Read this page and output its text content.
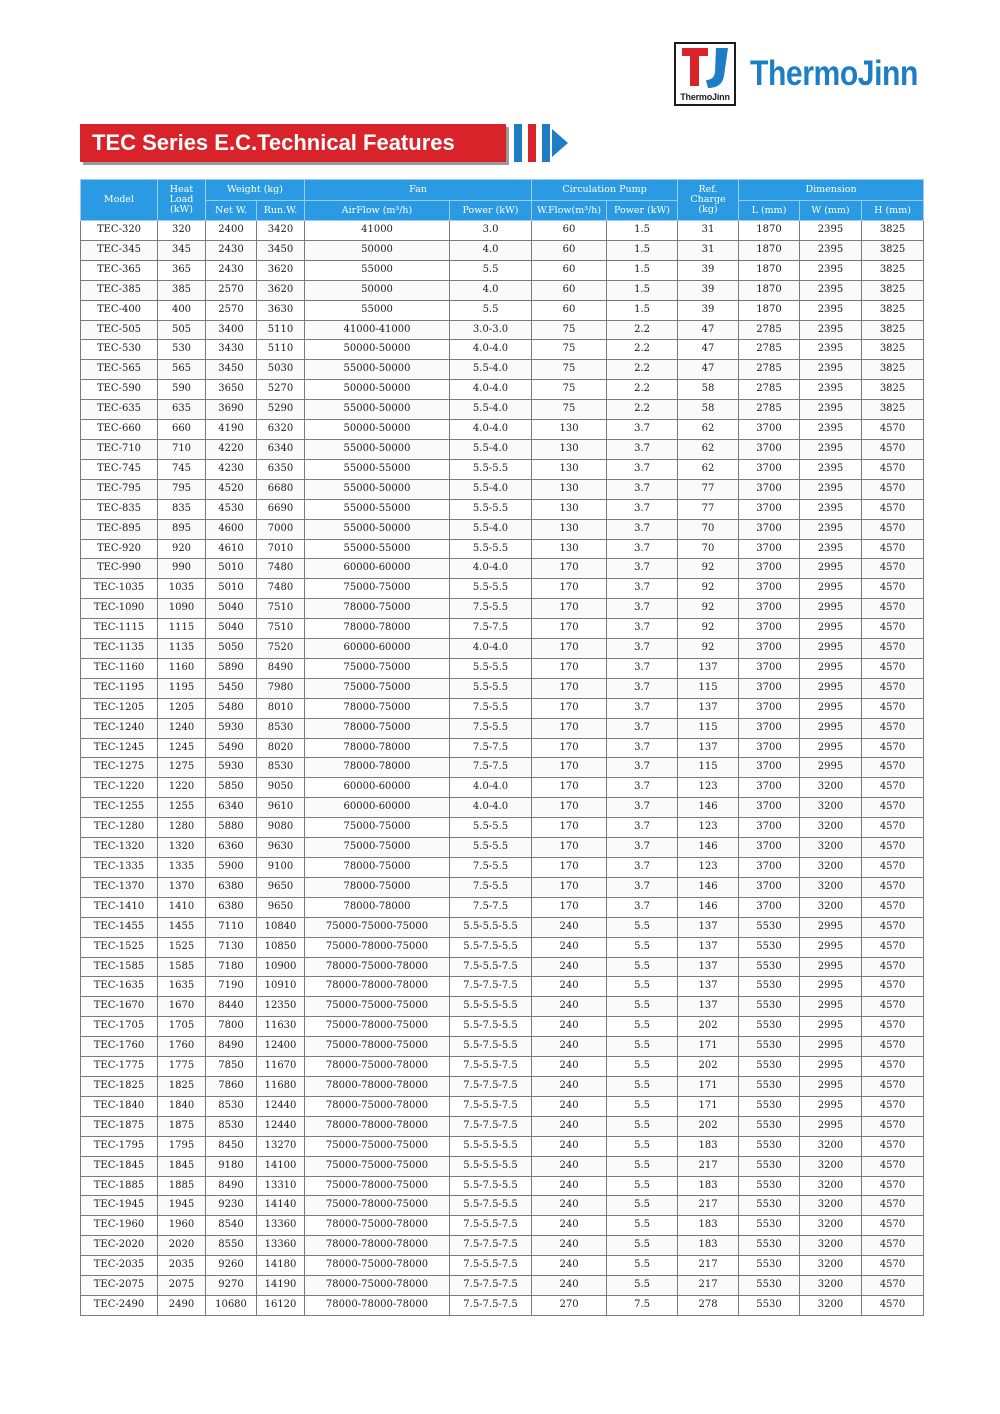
ThermoJinn
ThermoJinn
TEC Series E.C.Technical Features
Model	Heat
Load
(kW)	Weight (kg)		Fan		Circulation Pump		Ref.
Charge
(kg)	Dimension		
		Net W.	Run.W.	AirFlow (m³/h)	Power (kW)	W.Flow(m³/h)	Power (kW)		L (mm)	W (mm)	H (mm)
TEC-320	320	2400	3420	41000	3.0	60	1.5	31	1870	2395	3825
TEC-345	345	2430	3450	50000	4.0	60	1.5	31	1870	2395	3825
TEC-365	365	2430	3620	55000	5.5	60	1.5	39	1870	2395	3825
TEC-385	385	2570	3620	50000	4.0	60	1.5	39	1870	2395	3825
TEC-400	400	2570	3630	55000	5.5	60	1.5	39	1870	2395	3825
TEC-505	505	3400	5110	41000-41000	3.0-3.0	75	2.2	47	2785	2395	3825
TEC-530	530	3430	5110	50000-50000	4.0-4.0	75	2.2	47	2785	2395	3825
TEC-565	565	3450	5030	55000-50000	5.5-4.0	75	2.2	47	2785	2395	3825
TEC-590	590	3650	5270	50000-50000	4.0-4.0	75	2.2	58	2785	2395	3825
TEC-635	635	3690	5290	55000-50000	5.5-4.0	75	2.2	58	2785	2395	3825
TEC-660	660	4190	6320	50000-50000	4.0-4.0	130	3.7	62	3700	2395	4570
TEC-710	710	4220	6340	55000-50000	5.5-4.0	130	3.7	62	3700	2395	4570
TEC-745	745	4230	6350	55000-55000	5.5-5.5	130	3.7	62	3700	2395	4570
TEC-795	795	4520	6680	55000-50000	5.5-4.0	130	3.7	77	3700	2395	4570
TEC-835	835	4530	6690	55000-55000	5.5-5.5	130	3.7	77	3700	2395	4570
TEC-895	895	4600	7000	55000-50000	5.5-4.0	130	3.7	70	3700	2395	4570
TEC-920	920	4610	7010	55000-55000	5.5-5.5	130	3.7	70	3700	2395	4570
TEC-990	990	5010	7480	60000-60000	4.0-4.0	170	3.7	92	3700	2995	4570
TEC-1035	1035	5010	7480	75000-75000	5.5-5.5	170	3.7	92	3700	2995	4570
TEC-1090	1090	5040	7510	78000-75000	7.5-5.5	170	3.7	92	3700	2995	4570
TEC-1115	1115	5040	7510	78000-78000	7.5-7.5	170	3.7	92	3700	2995	4570
TEC-1135	1135	5050	7520	60000-60000	4.0-4.0	170	3.7	92	3700	2995	4570
TEC-1160	1160	5890	8490	75000-75000	5.5-5.5	170	3.7	137	3700	2995	4570
TEC-1195	1195	5450	7980	75000-75000	5.5-5.5	170	3.7	115	3700	2995	4570
TEC-1205	1205	5480	8010	78000-75000	7.5-5.5	170	3.7	137	3700	2995	4570
TEC-1240	1240	5930	8530	78000-75000	7.5-5.5	170	3.7	115	3700	2995	4570
TEC-1245	1245	5490	8020	78000-78000	7.5-7.5	170	3.7	137	3700	2995	4570
TEC-1275	1275	5930	8530	78000-78000	7.5-7.5	170	3.7	115	3700	2995	4570
TEC-1220	1220	5850	9050	60000-60000	4.0-4.0	170	3.7	123	3700	3200	4570
TEC-1255	1255	6340	9610	60000-60000	4.0-4.0	170	3.7	146	3700	3200	4570
TEC-1280	1280	5880	9080	75000-75000	5.5-5.5	170	3.7	123	3700	3200	4570
TEC-1320	1320	6360	9630	75000-75000	5.5-5.5	170	3.7	146	3700	3200	4570
TEC-1335	1335	5900	9100	78000-75000	7.5-5.5	170	3.7	123	3700	3200	4570
TEC-1370	1370	6380	9650	78000-75000	7.5-5.5	170	3.7	146	3700	3200	4570
TEC-1410	1410	6380	9650	78000-78000	7.5-7.5	170	3.7	146	3700	3200	4570
TEC-1455	1455	7110	10840	75000-75000-75000	5.5-5.5-5.5	240	5.5	137	5530	2995	4570
TEC-1525	1525	7130	10850	75000-78000-75000	5.5-7.5-5.5	240	5.5	137	5530	2995	4570
TEC-1585	1585	7180	10900	78000-75000-78000	7.5-5.5-7.5	240	5.5	137	5530	2995	4570
TEC-1635	1635	7190	10910	78000-78000-78000	7.5-7.5-7.5	240	5.5	137	5530	2995	4570
TEC-1670	1670	8440	12350	75000-75000-75000	5.5-5.5-5.5	240	5.5	137	5530	2995	4570
TEC-1705	1705	7800	11630	75000-78000-75000	5.5-7.5-5.5	240	5.5	202	5530	2995	4570
TEC-1760	1760	8490	12400	75000-78000-75000	5.5-7.5-5.5	240	5.5	171	5530	2995	4570
TEC-1775	1775	7850	11670	78000-75000-78000	7.5-5.5-7.5	240	5.5	202	5530	2995	4570
TEC-1825	1825	7860	11680	78000-78000-78000	7.5-7.5-7.5	240	5.5	171	5530	2995	4570
TEC-1840	1840	8530	12440	78000-75000-78000	7.5-5.5-7.5	240	5.5	171	5530	2995	4570
TEC-1875	1875	8530	12440	78000-78000-78000	7.5-7.5-7.5	240	5.5	202	5530	2995	4570
TEC-1795	1795	8450	13270	75000-75000-75000	5.5-5.5-5.5	240	5.5	183	5530	3200	4570
TEC-1845	1845	9180	14100	75000-75000-75000	5.5-5.5-5.5	240	5.5	217	5530	3200	4570
TEC-1885	1885	8490	13310	75000-78000-75000	5.5-7.5-5.5	240	5.5	183	5530	3200	4570
TEC-1945	1945	9230	14140	75000-78000-75000	5.5-7.5-5.5	240	5.5	217	5530	3200	4570
TEC-1960	1960	8540	13360	78000-75000-78000	7.5-5.5-7.5	240	5.5	183	5530	3200	4570
TEC-2020	2020	8550	13360	78000-78000-78000	7.5-7.5-7.5	240	5.5	183	5530	3200	4570
TEC-2035	2035	9260	14180	78000-75000-78000	7.5-5.5-7.5	240	5.5	217	5530	3200	4570
TEC-2075	2075	9270	14190	78000-75000-78000	7.5-7.5-7.5	240	5.5	217	5530	3200	4570
TEC-2490	2490	10680	16120	78000-78000-78000	7.5-7.5-7.5	270	7.5	278	5530	3200	4570
